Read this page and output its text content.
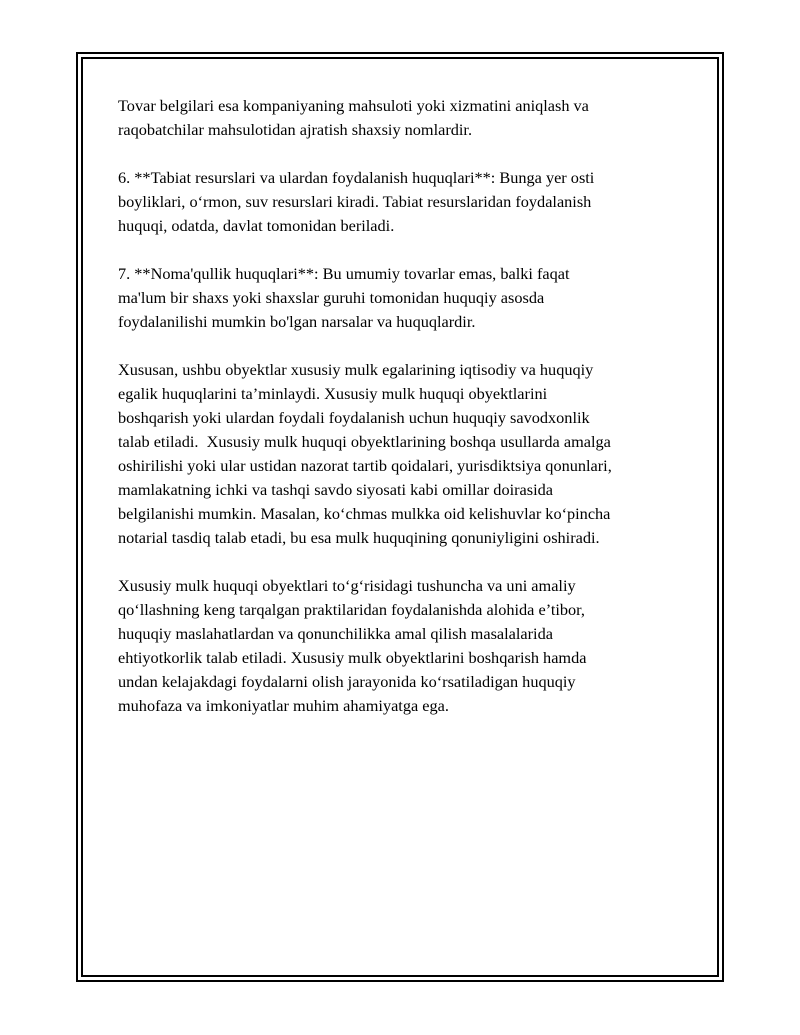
Tovar belgilari esa kompaniyaning mahsuloti yoki xizmatini aniqlash va
raqobatchilar mahsulotidan ajratish shaxsiy nomlardir.

6. **Tabiat resurslari va ulardan foydalanish huquqlari**: Bunga yer osti
boyliklari, o‘rmon, suv resurslari kiradi. Tabiat resurslaridan foydalanish
huquqi, odatda, davlat tomonidan beriladi.

7. **Noma'qullik huquqlari**: Bu umumiy tovarlar emas, balki faqat
ma'lum bir shaxs yoki shaxslar guruhi tomonidan huquqiy asosda
foydalanilishi mumkin bo'lgan narsalar va huquqlardir.

Xususan, ushbu obyektlar xususiy mulk egalarining iqtisodiy va huquqiy
egalik huquqlarini ta’minlaydi. Xususiy mulk huquqi obyektlarini
boshqarish yoki ulardan foydali foydalanish uchun huquqiy savodxonlik
talab etiladi.  Xususiy mulk huquqi obyektlarining boshqa usullarda amalga
oshirilishi yoki ular ustidan nazorat tartib qoidalari, yurisdiktsiya qonunlari,
mamlakatning ichki va tashqi savdo siyosati kabi omillar doirasida
belgilanishi mumkin. Masalan, ko‘chmas mulkka oid kelishuvlar ko‘pincha
notarial tasdiq talab etadi, bu esa mulk huquqining qonuniyligini oshiradi.

Xususiy mulk huquqi obyektlari to‘g‘risidagi tushuncha va uni amaliy
qo‘llashning keng tarqalgan praktilaridan foydalanishda alohida e’tibor,
huquqiy maslahatlardan va qonunchilikka amal qilish masalalarida
ehtiyotkorlik talab etiladi. Xususiy mulk obyektlarini boshqarish hamda
undan kelajakdagi foydalarni olish jarayonida ko‘rsatiladigan huquqiy
muhofaza va imkoniyatlar muhim ahamiyatga ega.
